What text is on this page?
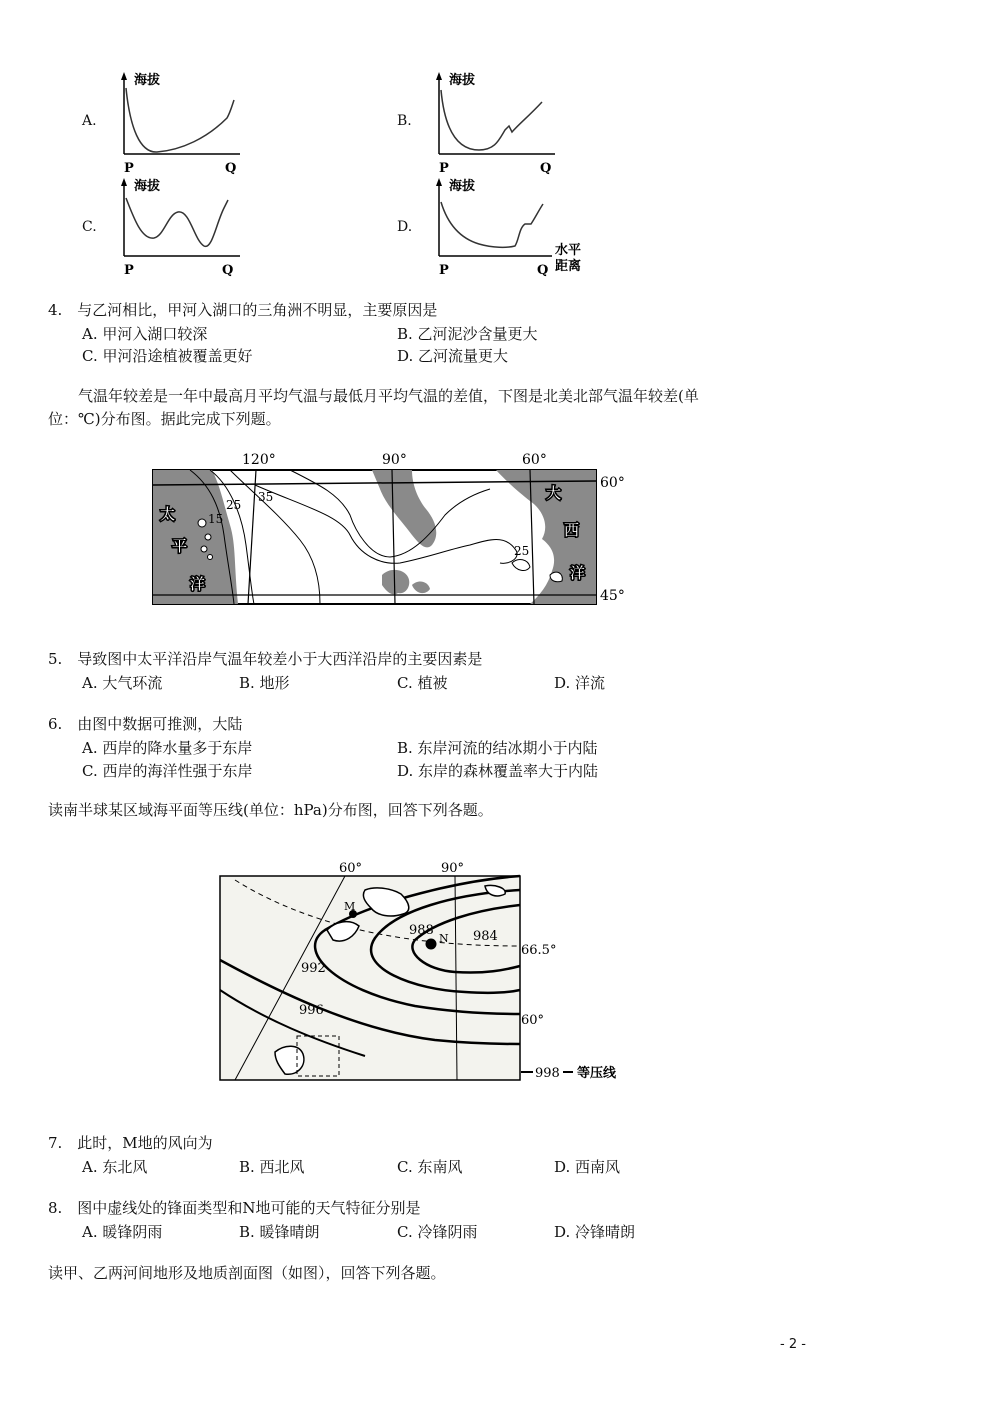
A.
海拔
P	Q
B.
海拔
P	Q
C.
海拔
P	Q
D.
海拔
P	Q
水平
距离
4.　与乙河相比，甲河入湖口的三角洲不明显，主要原因是
A. 甲河入湖口较深	B. 乙河泥沙含量更大
C. 甲河沿途植被覆盖更好	D. 乙河流量更大
气温年较差是一年中最高月平均气温与最低月平均气温的差值，下图是北美北部气温年较差(单
位：℃)分布图。据此完成下列题。
120°	90°	60°
60°
45°
太
平
洋
大
西
洋
15
25
35
25
5.　导致图中太平洋沿岸气温年较差小于大西洋沿岸的主要因素是
A. 大气环流	B. 地形	C. 植被	D. 洋流
6.　由图中数据可推测，大陆
A. 西岸的降水量多于东岸	B. 东岸河流的结冰期小于内陆
C. 西岸的海洋性强于东岸	D. 东岸的森林覆盖率大于内陆
读南半球某区域海平面等压线(单位：hPa)分布图，回答下列各题。
60°	90°
66.5°
60°
M
N
988	984
992
996
998 等压线
7.　此时，M地的风向为
A. 东北风	B. 西北风	C. 东南风	D. 西南风
8.　图中虚线处的锋面类型和N地可能的天气特征分别是
A. 暖锋阴雨	B. 暖锋晴朗	C. 冷锋阴雨	D. 冷锋晴朗
读甲、乙两河间地形及地质剖面图（如图），回答下列各题。
- 2 -
